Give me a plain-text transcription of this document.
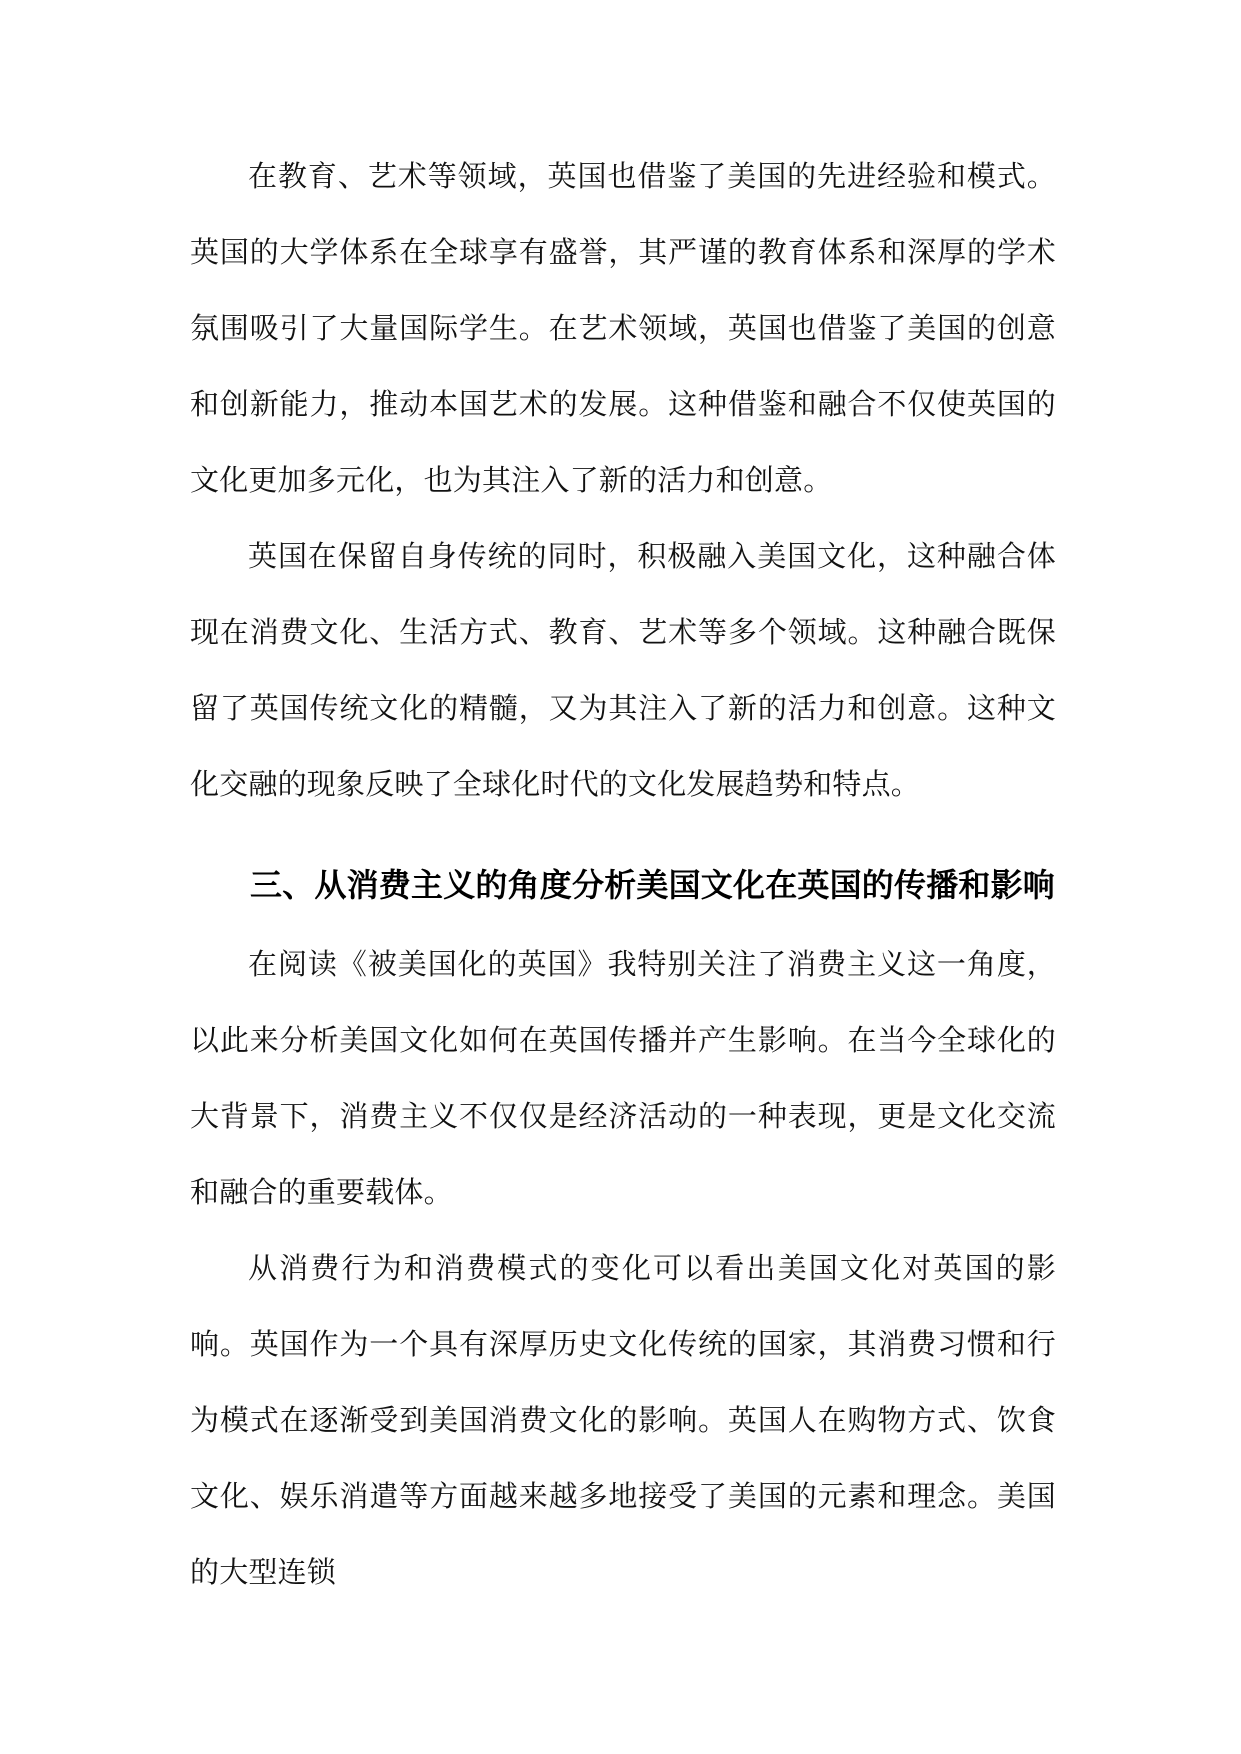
在教育、艺术等领域，英国也借鉴了美国的先进经验和模式。英国的大学体系在全球享有盛誉，其严谨的教育体系和深厚的学术氛围吸引了大量国际学生。在艺术领域，英国也借鉴了美国的创意和创新能力，推动本国艺术的发展。这种借鉴和融合不仅使英国的文化更加多元化，也为其注入了新的活力和创意。

英国在保留自身传统的同时，积极融入美国文化，这种融合体现在消费文化、生活方式、教育、艺术等多个领域。这种融合既保留了英国传统文化的精髓，又为其注入了新的活力和创意。这种文化交融的现象反映了全球化时代的文化发展趋势和特点。

三、从消费主义的角度分析美国文化在英国的传播和影响

在阅读《被美国化的英国》我特别关注了消费主义这一角度，以此来分析美国文化如何在英国传播并产生影响。在当今全球化的大背景下，消费主义不仅仅是经济活动的一种表现，更是文化交流和融合的重要载体。

从消费行为和消费模式的变化可以看出美国文化对英国的影响。英国作为一个具有深厚历史文化传统的国家，其消费习惯和行为模式在逐渐受到美国消费文化的影响。英国人在购物方式、饮食文化、娱乐消遣等方面越来越多地接受了美国的元素和理念。美国的大型连锁
